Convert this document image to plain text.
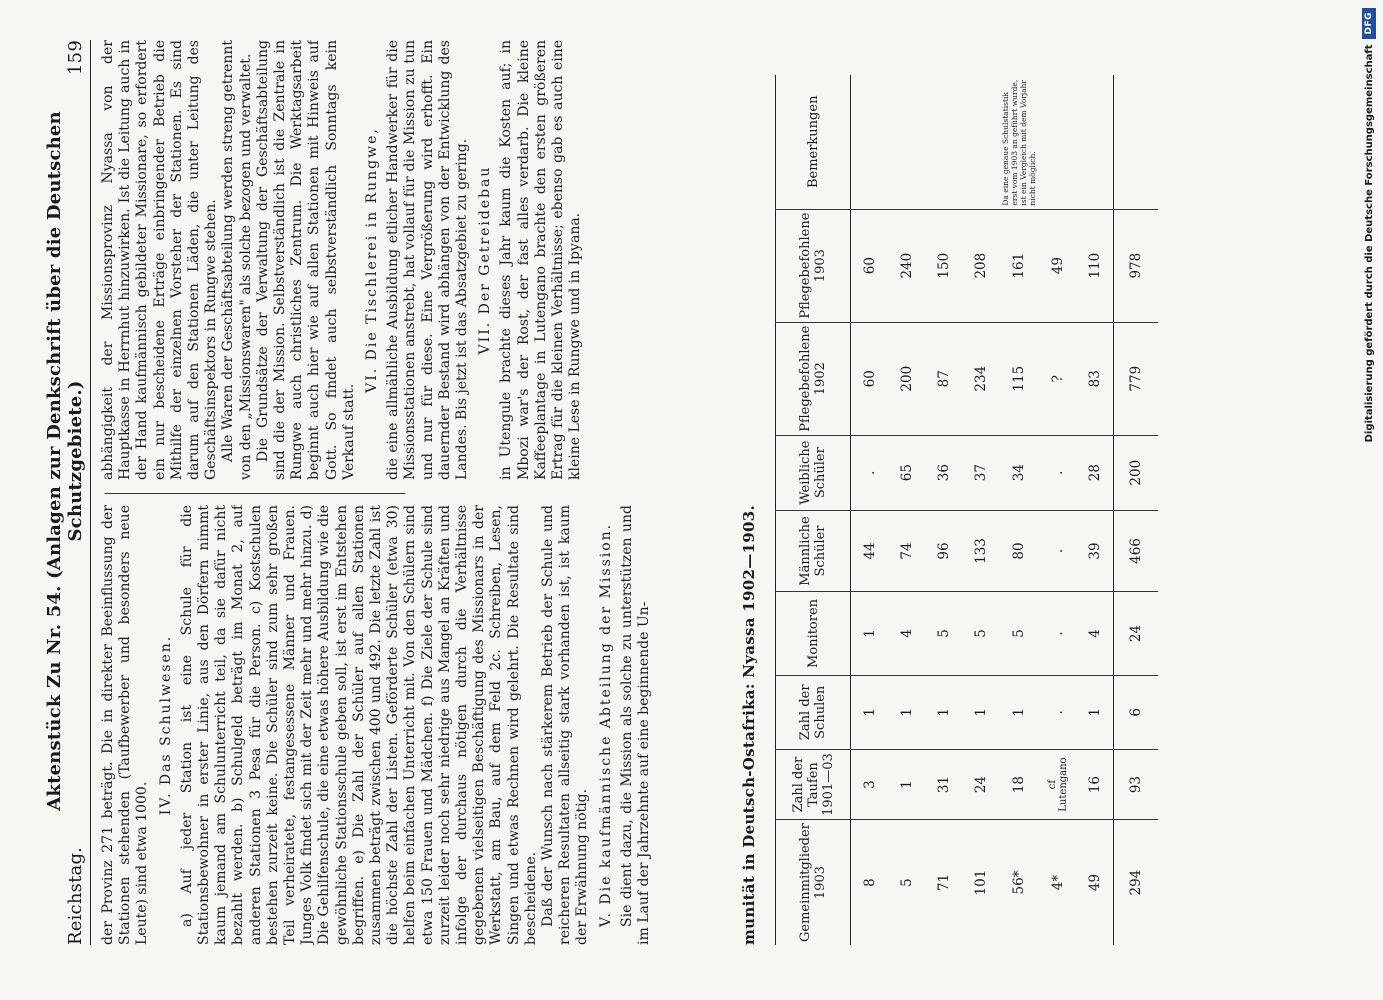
Reichstag.
Aktenstück Zu Nr. 54. (Anlagen zur Denkschrift über die Deutschen Schutzgebiete.)
159

der Provinz 271 beträgt. Die in direkter Beeinflussung der Stationen stehenden (Taufbewerber und besonders neue Leute) sind etwa 1000.

IV. Das Schulwesen. a) Auf jeder Station ist eine Schule für die Stationsbewohner in erster Linie, aus den Dörfern nimmt kaum jemand am Schulunterricht teil, da sie dafür nicht bezahlt werden. b) Schulgeld beträgt im Monat 2, auf anderen Stationen 3 Pesa für die Person. c) Kostschulen bestehen zurzeit keine. Die Schüler sind zum sehr großen Teil verheiratete, festangesessene Männer und Frauen. Junges Volk findet sich mit der Zeit mehr und mehr hinzu. d) Die Gehilfenschule, die eine etwas höhere Ausbildung wie die gewöhnliche Stationsschule geben soll, ist erst im Entstehen begriffen. e) Die Zahl der Schüler auf allen Stationen zusammen beträgt zwischen 400 und 492. Die letzte Zahl ist die höchste Zahl der Listen. Geförderte Schüler (etwa 30) helfen beim einfachen Unterricht mit. Von den Schülern sind etwa 150 Frauen und Mädchen. f) Die Ziele der Schule sind zurzeit leider noch sehr niedrige aus Mangel an Kräften und infolge der durchaus nötigen durch die Verhältnisse gegebenen vielseitigen Beschäftigung des Missionars in der Werkstatt, am Bau, auf dem Feld 2c. Schreiben, Lesen, Singen und etwas Rechnen wird gelehrt. Die Resultate sind bescheidene. Daß der Wunsch nach stärkerem Betrieb der Schule und reicheren Resultaten allseitig stark vorhanden ist, ist kaum der Erwähnung nötig. V. Die kaufmännische Abteilung der Mission. Sie dient dazu, die Mission als solche zu unterstützen und im Lauf der Jahrzehnte auf eine beginnende Un-

abhängigkeit der Missionsprovinz Nyassa von der Hauptkasse in Herrnhut hinzuwirken. Ist die Leitung auch in der Hand kaufmännisch gebildeter Missionare, so erfordert ein nur bescheidene Erträge einbringender Betrieb die Mithilfe der einzelnen Vorsteher der Stationen. Es sind darum auf den Stationen Läden, die unter Leitung des Geschäftsinspektors in Rungwe stehen. Alle Waren der Geschäftsabteilung werden streng getrennt von den „Missionswaren" als solche bezogen und verwaltet. Die Grundsätze der Verwaltung der Geschäftsabteilung sind die der Mission. Selbstverständlich ist die Zentrale in Rungwe auch christliches Zentrum. Die Werktagsarbeit beginnt auch hier wie auf allen Stationen mit Hinweis auf Gott. So findet auch selbstverständlich Sonntags kein Verkauf statt.

VI. Die Tischlerei in Rungwe, die eine allmähliche Ausbildung etlicher Handwerker für die Missionsstationen anstrebt, hat vollauf für die Mission zu tun und nur für diese. Eine Vergrößerung wird erhofft. Ein dauernder Bestand wird abhängen von der Entwicklung des Landes. Bis jetzt ist das Absatzgebiet zu gering. VII. Der Getreidebau in Utengule brachte dieses Jahr kaum die Kosten auf; in Mbozi war's der Rost, der fast alles verdarb. Die kleine Kaffeeplantage in Lutengano brachte den ersten größeren Ertrag für die kleinen Verhältnisse; ebenso gab es auch eine kleine Lese in Rungwe und in Ipyana.

munität in Deutsch-Ostafrika: Nyassa 1902—1903.	Gemeinmitglieder 1903	Zahl der Taufen 1901—03	Zahl der Schulen	Monitoren	Männliche Schüler	Weibliche Schüler	Pflegebefohlene 1902	Pflegebefohlene 1903	Bemerkungen
8	3	1	1	44	.	60	60	
5	1	1	4	74	65	200	240	
71	31	1	5	96	36	87	150	
101	24	1	5	133	37	234	208	
56*	18	1	5	80	34	115	161	Da eine genaue Schulstatistik erst vom 1903 an geführt wurde, ist ein Vergleich mit dem Vorjahr nicht möglich.
4*	cf Lutengano	.	.	.	.	?	49	
49	16	1	4	39	28	83	110	
294	93	6	24	466	200	779	978		Digitalisierung gefördert durch die Deutsche Forschungsgemeinschaft
DFG
